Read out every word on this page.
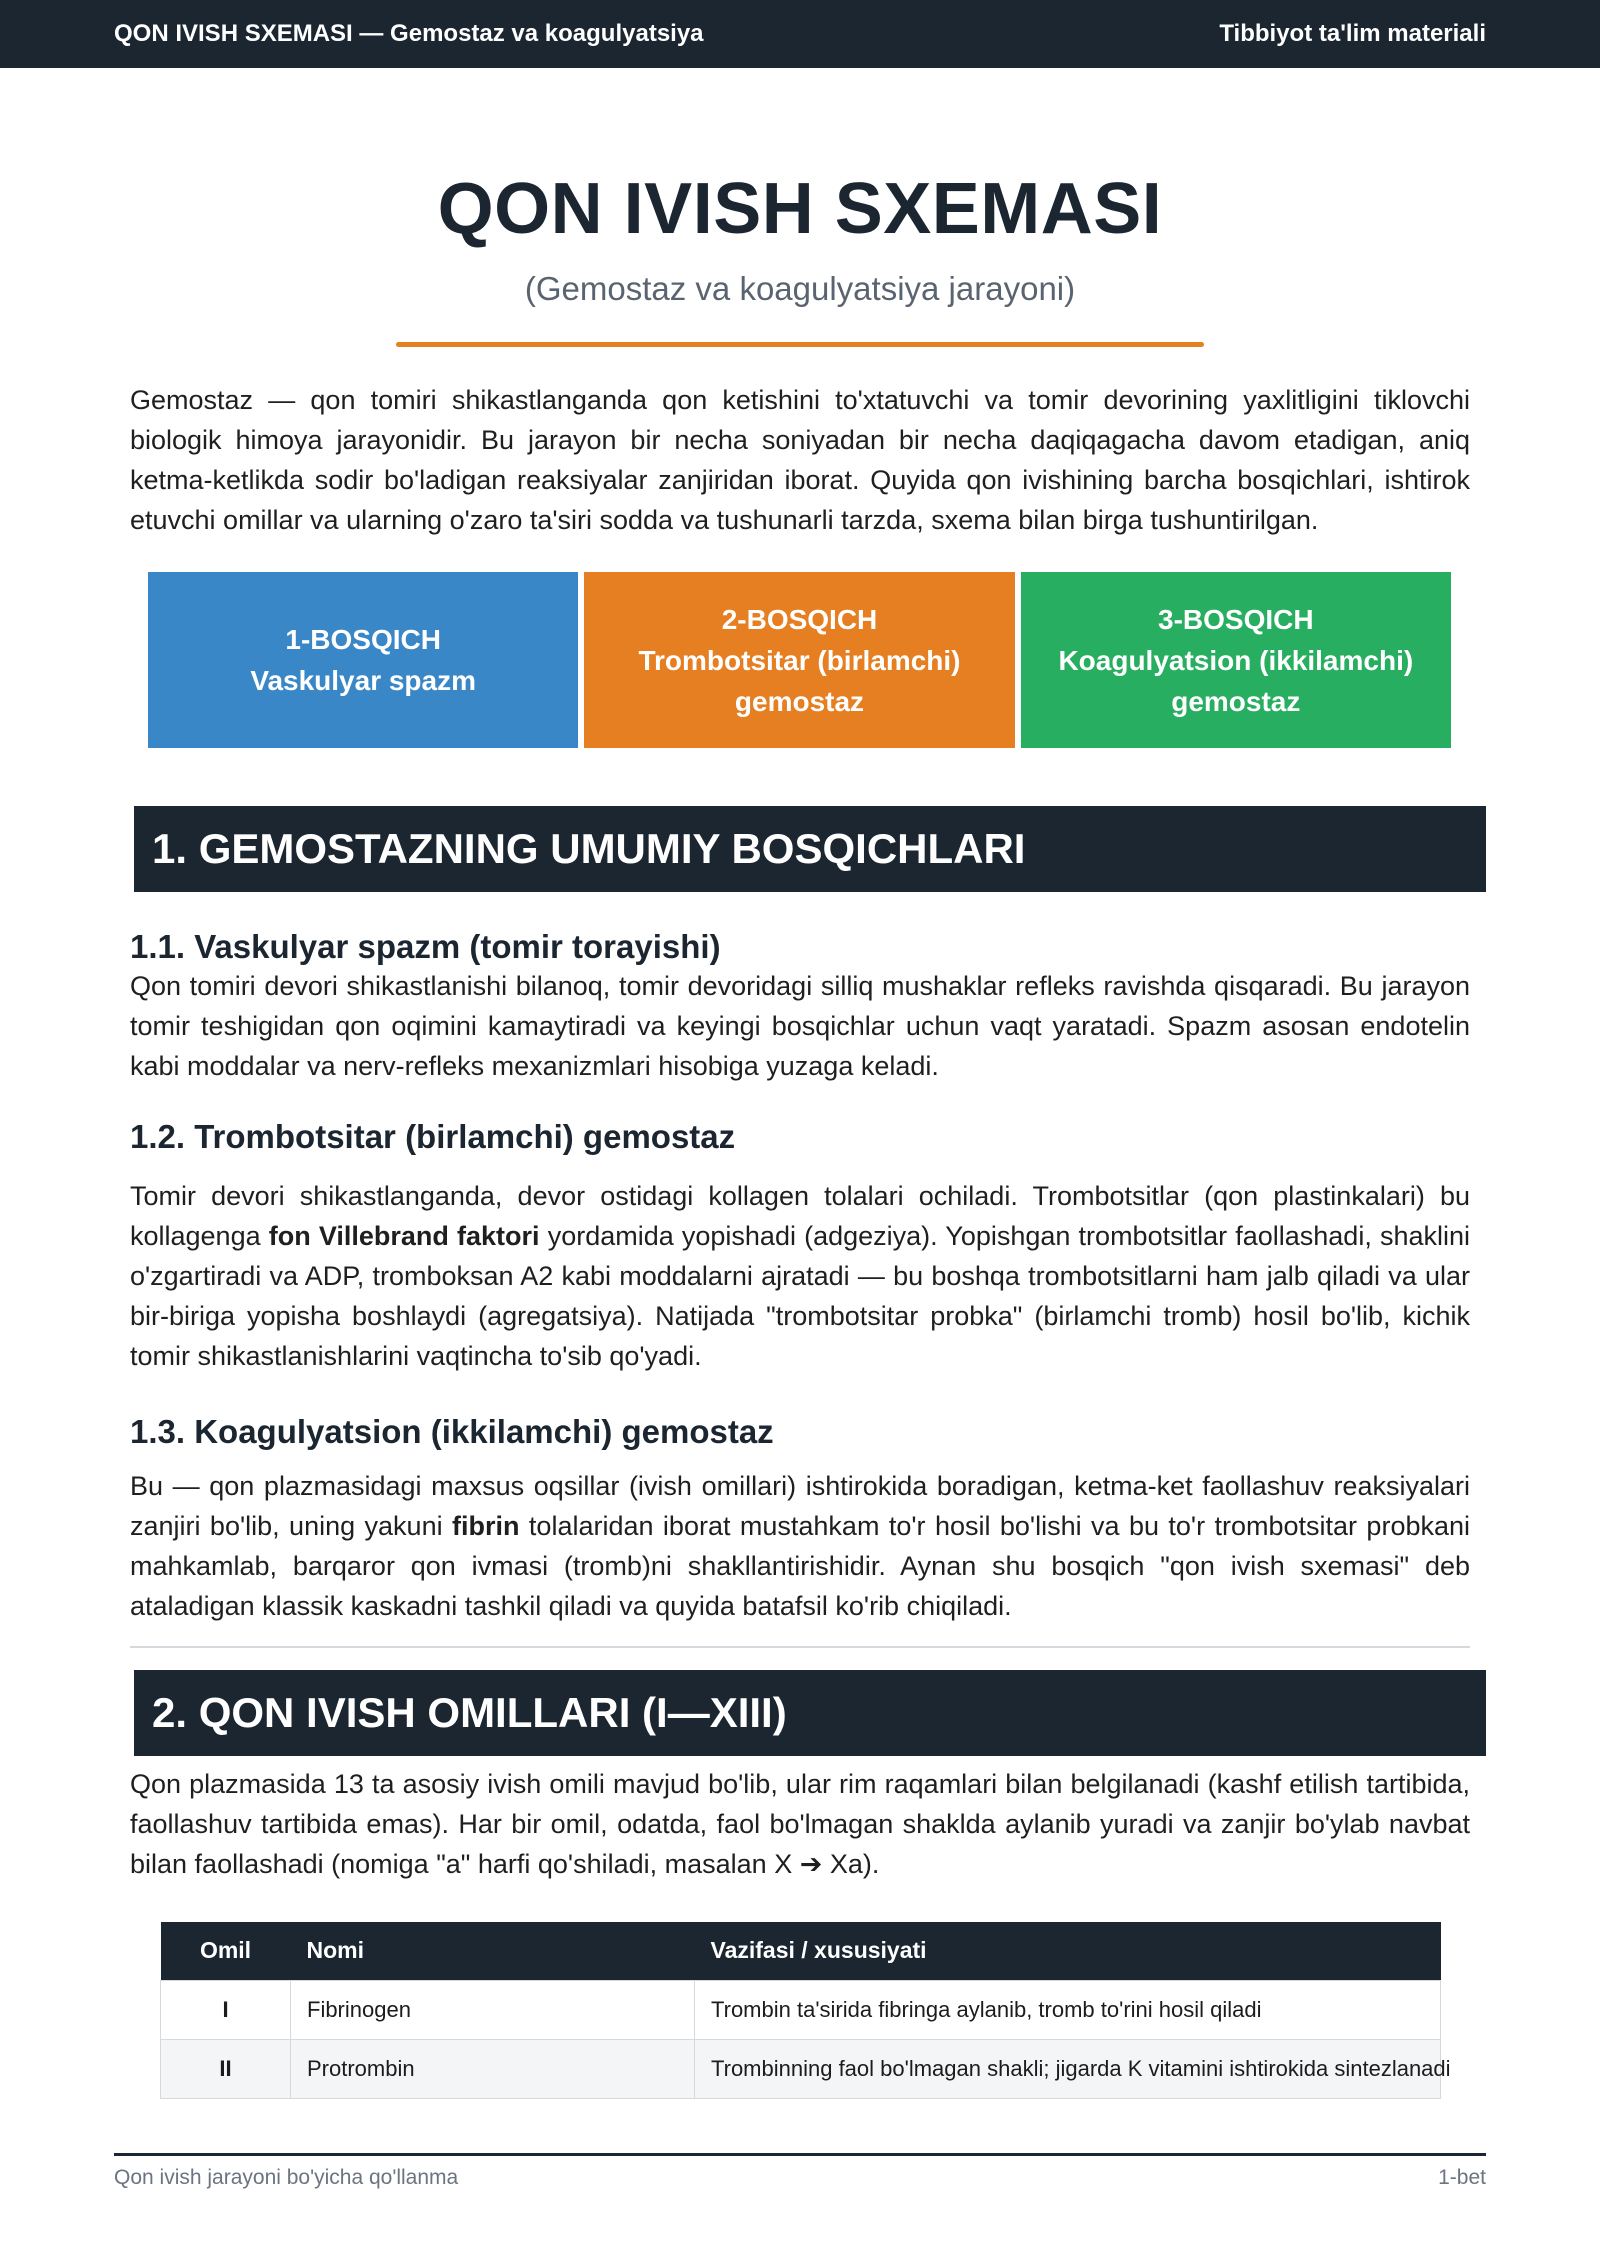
QON IVISH SXEMASI — Gemostaz va koagulyatsiya	Tibbiyot ta'lim materiali
QON IVISH SXEMASI
(Gemostaz va koagulyatsiya jarayoni)

Gemostaz — qon tomiri shikastlanganda qon ketishini to'xtatuvchi va tomir devorining yaxlitligini tiklovchi biologik himoya jarayonidir. Bu jarayon bir necha soniyadan bir necha daqiqagacha davom etadigan, aniq ketma-ketlikda sodir bo'ladigan reaksiyalar zanjiridan iborat. Quyida qon ivishining barcha bosqichlari, ishtirok etuvchi omillar va ularning o'zaro ta'siri sodda va tushunarli tarzda, sxema bilan birga tushuntirilgan.

1-BOSQICH
Vaskulyar spazm
2-BOSQICH
Trombotsitar (birlamchi)
gemostaz
3-BOSQICH
Koagulyatsion (ikkilamchi)
gemostaz
1. GEMOSTAZNING UMUMIY BOSQICHLARI
1.1. Vaskulyar spazm (tomir torayishi)

Qon tomiri devori shikastlanishi bilanoq, tomir devoridagi silliq mushaklar refleks ravishda qisqaradi. Bu jarayon tomir teshigidan qon oqimini kamaytiradi va keyingi bosqichlar uchun vaqt yaratadi. Spazm asosan endotelin kabi moddalar va nerv-refleks mexanizmlari hisobiga yuzaga keladi.

1.2. Trombotsitar (birlamchi) gemostaz

Tomir devori shikastlanganda, devor ostidagi kollagen tolalari ochiladi. Trombotsitlar (qon plastinkalari) bu kollagenga fon Villebrand faktori yordamida yopishadi (adgeziya). Yopishgan trombotsitlar faollashadi, shaklini o'zgartiradi va ADP, tromboksan A2 kabi moddalarni ajratadi — bu boshqa trombotsitlarni ham jalb qiladi va ular bir-biriga yopisha boshlaydi (agregatsiya). Natijada "trombotsitar probka" (birlamchi tromb) hosil bo'lib, kichik tomir shikastlanishlarini vaqtincha to'sib qo'yadi.

1.3. Koagulyatsion (ikkilamchi) gemostaz

Bu — qon plazmasidagi maxsus oqsillar (ivish omillari) ishtirokida boradigan, ketma-ket faollashuv reaksiyalari zanjiri bo'lib, uning yakuni fibrin tolalaridan iborat mustahkam to'r hosil bo'lishi va bu to'r trombotsitar probkani mahkamlab, barqaror qon ivmasi (tromb)ni shakllantirishidir. Aynan shu bosqich "qon ivish sxemasi" deb ataladigan klassik kaskadni tashkil qiladi va quyida batafsil ko'rib chiqiladi.

2. QON IVISH OMILLARI (I—XIII)

Qon plazmasida 13 ta asosiy ivish omili mavjud bo'lib, ular rim raqamlari bilan belgilanadi (kashf etilish tartibida, faollashuv tartibida emas). Har bir omil, odatda, faol bo'lmagan shaklda aylanib yuradi va zanjir bo'ylab navbat bilan faollashadi (nomiga "a" harfi qo'shiladi, masalan X ➔ Xa).

Omil	Nomi	Vazifasi / xususiyati
I	Fibrinogen	Trombin ta'sirida fibringa aylanib, tromb to'rini hosil qiladi
II	Protrombin	Trombinning faol bo'lmagan shakli; jigarda K vitamini ishtirokida sintezlanadi
Qon ivish jarayoni bo'yicha qo'llanma	1-bet
